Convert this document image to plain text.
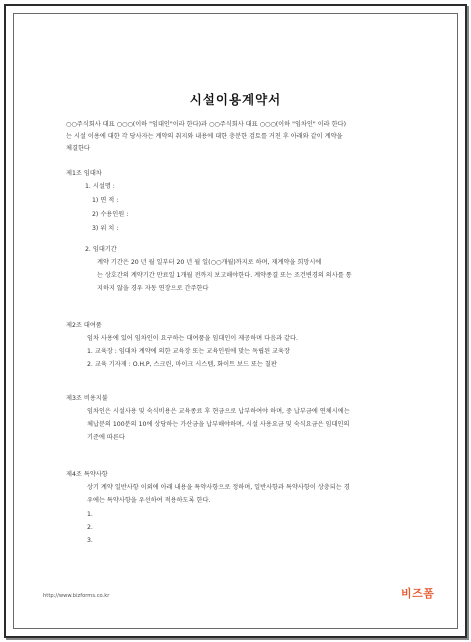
시설이용계약서
○○주식회사 대표 ○○○(이하 "임대인"이라 한다)과 ○○주식회사 대표 ○○○(이하 "임차인" 이라 한다)
는 시설 이용에 대한 각 당사자는 계약의 취지와 내용에 대한 충분한 검토를 거친 후 아래와 같이 계약을
체결한다
제1조 임대차
1. 시설명 :
1) 면 적 :
2) 수용인원 :
3) 위 치 :
2. 임대기간
계약 기간은 20 년 월 일부터 20 년 월 일(○○개월)까지로 하며, 재계약을 희망시에
는 상호간의 계약기간 만료일 1개월 전까지 보고해야한다. 계약종결 또는 조건변경의 의사를 통
지하지 않을 경우 자동 연장으로 간주한다
제2조 대여품
임차 사용에 있어 임차인이 요구하는 대여품을 임대인이 제공하며 다음과 같다.
1. 교육장 : 임대차 계약에 의한 교육장 또는 교육인원에 맞는 독립된 교육장
2. 교육 기자재 : O.H.P, 스크린, 마이크 시스템, 화이트 보드 또는 칠판
제3조 비용지불
임차인은 시설사용 및 숙식비용은 교육종료 후 현금으로 납부하여야 하며, 중 납부금에 연체시에는
체납분의 100분의 10에 상당하는 가산금을 납부해야하며, 시설 사용요금 및 숙식요금은 임대인의
기준에 따른다
제4조 특약사항
상기 계약 일반사항 이외에 아래 내용을 특약사항으로 정하며, 일반사항과 특약사항이 상충되는 경
우에는 특약사항을 우선하여 적용하도록 한다.
1.
2.
3.
http://www.bizforms.co.kr	비즈폼
